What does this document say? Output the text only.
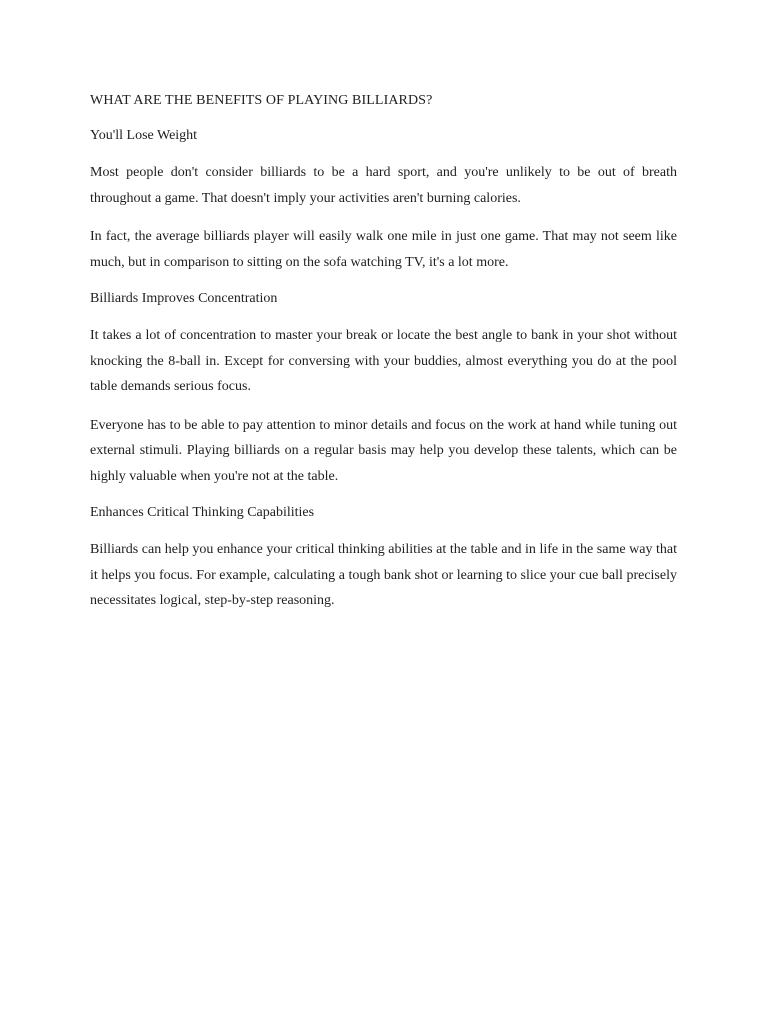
WHAT ARE THE BENEFITS OF PLAYING BILLIARDS?

You'll Lose Weight

Most people don't consider billiards to be a hard sport, and you're unlikely to be out of breath throughout a game. That doesn't imply your activities aren't burning calories.

In fact, the average billiards player will easily walk one mile in just one game. That may not seem like much, but in comparison to sitting on the sofa watching TV, it's a lot more.

Billiards Improves Concentration

It takes a lot of concentration to master your break or locate the best angle to bank in your shot without knocking the 8-ball in. Except for conversing with your buddies, almost everything you do at the pool table demands serious focus.

Everyone has to be able to pay attention to minor details and focus on the work at hand while tuning out external stimuli. Playing billiards on a regular basis may help you develop these talents, which can be highly valuable when you're not at the table.

Enhances Critical Thinking Capabilities

Billiards can help you enhance your critical thinking abilities at the table and in life in the same way that it helps you focus. For example, calculating a tough bank shot or learning to slice your cue ball precisely necessitates logical, step-by-step reasoning.
